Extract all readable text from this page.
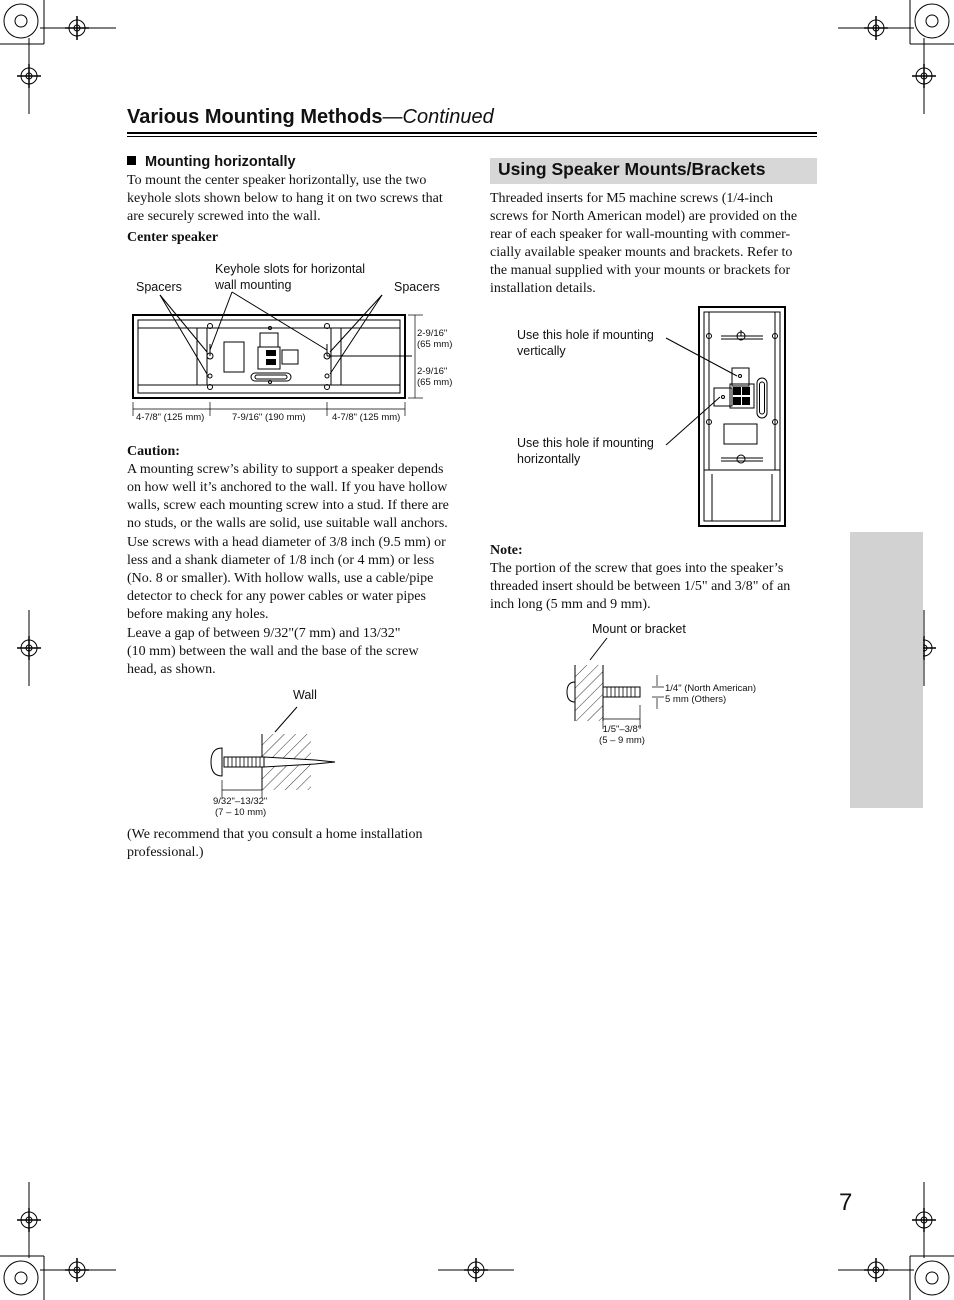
Various Mounting Methods—Continued
Mounting horizontally

To mount the center speaker horizontally, use the two

keyhole slots shown below to hang it on two screws that

are securely screwed into the wall.

Center speaker
Spacers
Keyhole slots for horizontal
wall mounting	Spacers
2-9/16"
(65 mm)
2-9/16"
(65 mm)
4-7/8" (125 mm)	7-9/16" (190 mm)	4-7/8" (125 mm)
Caution:

A mounting screw’s ability to support a speaker depends

on how well it’s anchored to the wall. If you have hollow

walls, screw each mounting screw into a stud. If there are

no studs, or the walls are solid, use suitable wall anchors.

Use screws with a head diameter of 3/8 inch (9.5 mm) or

less and a shank diameter of 1/8 inch (or 4 mm) or less

(No. 8 or smaller). With hollow walls, use a cable/pipe

detector to check for any power cables or water pipes

before making any holes.

Leave a gap of between 9/32"(7 mm) and 13/32"

(10 mm) between the wall and the base of the screw

head, as shown.

Wall
9/32"–13/32"
(7 – 10 mm)

(We recommend that you consult a home installation

professional.)

Using Speaker Mounts/Brackets

Threaded inserts for M5 machine screws (1/4-inch

screws for North American model) are provided on the

rear of each speaker for wall-mounting with commer-

cially available speaker mounts and brackets. Refer to

the manual supplied with your mounts or brackets for

installation details.

Use this hole if mounting
vertically
Use this hole if mounting
horizontally
Note:

The portion of the screw that goes into the speaker’s

threaded insert should be between 1/5" and 3/8" of an

inch long (5 mm and 9 mm).

Mount or bracket
1/4" (North American)
5 mm (Others)
1/5"–3/8"
(5 – 9 mm)
7
